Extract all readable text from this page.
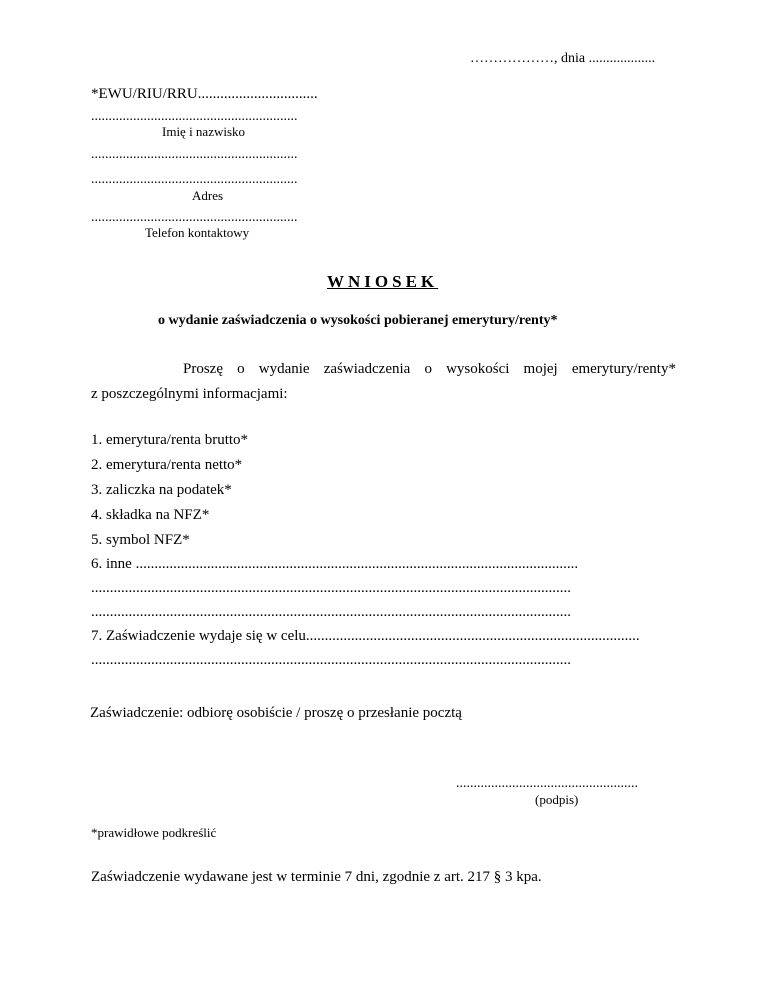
………………, dnia ...................
*EWU/RIU/RRU................................
...........................................................
Imię i nazwisko
...........................................................
...........................................................
Adres
...........................................................
Telefon kontaktowy
WNIOSEK
o wydanie zaświadczenia o wysokości pobieranej emerytury/renty*
Proszę o wydanie zaświadczenia o wysokości mojej emerytury/renty*
z poszczególnymi informacjami:
1. emerytura/renta brutto*
2. emerytura/renta netto*
3. zaliczka na podatek*
4. składka na NFZ*
5. symbol NFZ*
6. inne ......................................................................................................................
................................................................................................................................
................................................................................................................................
7. Zaświadczenie wydaje się w celu.........................................................................................
................................................................................................................................
Zaświadczenie: odbiorę osobiście / proszę o przesłanie pocztą
....................................................
(podpis)
*prawidłowe podkreślić
Zaświadczenie wydawane jest w terminie 7 dni, zgodnie z art. 217 § 3 kpa.
